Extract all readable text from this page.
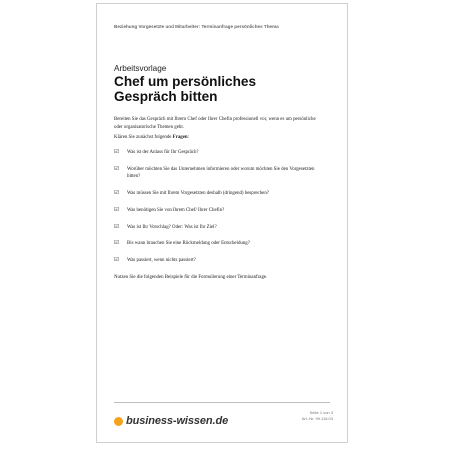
Beziehung Vorgesetzte und Mitarbeiter: Terminanfrage persönliches Thema
Arbeitsvorlage
Chef um persönliches
Gespräch bitten

Bereiten Sie das Gespräch mit Ihrem Chef oder Ihrer Chefin professionell vor, wenn es um persönliche oder organisatorische Themen geht.

Klären Sie zunächst folgende Fragen:

☑	Was ist der Anlass für Ihr Gespräch?
☑	Worüber möchten Sie das Unternehmen informieren oder worum möchten Sie den Vorgesetzten bitten?
☑	Was müssen Sie mit Ihrem Vorgesetzten deshalb (dringend) besprechen?
☑	Was benötigen Sie von Ihrem Chef/ Ihrer Chefin?
☑	Was ist Ihr Vorschlag? Oder: Was ist Ihr Ziel?
☑	Bis wann brauchen Sie eine Rückmeldung oder Entscheidung?
☑	Was passiert, wenn nichts passiert?

Nutzen Sie die folgenden Beispiele für die Formulierung einer Terminanfrage.

business-wissen.de
Seite 1 von 3
Art.-Nr. 99.116.03
